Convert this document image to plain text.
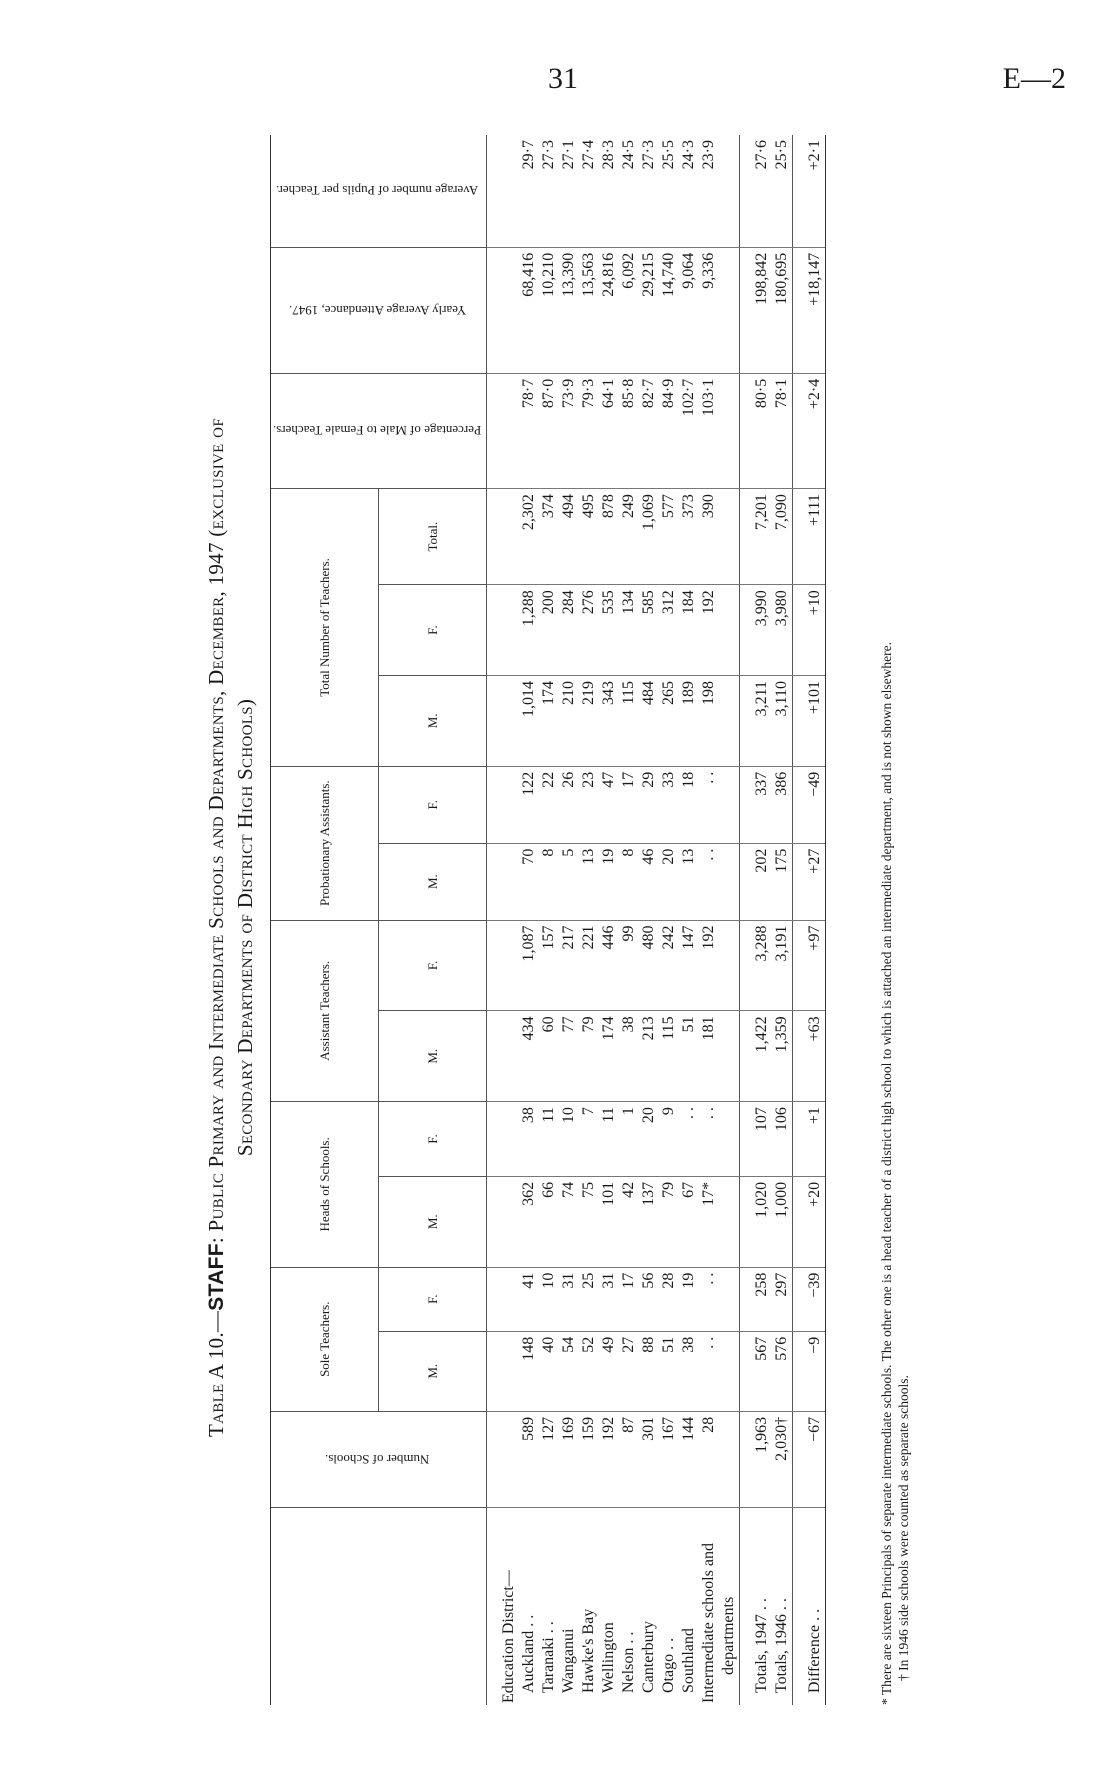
31	E—2
Table A 10.—STAFF: Public Primary and Intermediate Schools and Departments, December, 1947 (exclusive of Secondary Departments of District High Schools)
	Number of Schools.	Sole Teachers.		Heads of Schools.		Assistant Teachers.		Probationary Assistants.		Total Number of Teachers.			Percentage of Male to Female Teachers.	Yearly Average Attendance, 1947.	Average number of Pupils per Teacher.
		M.	F.	M.	F.	M.	F.	M.	F.	M.	F.	Total.			

Education District—															
Auckland . .	589	148	41	362	38	434	1,087	70	122	1,014	1,288	2,302	78·7	68,416	29·7
Taranaki . .	127	40	10	66	11	60	157	8	22	174	200	374	87·0	10,210	27·3
Wanganui	169	54	31	74	10	77	217	5	26	210	284	494	73·9	13,390	27·1
Hawke's Bay	159	52	25	75	7	79	221	13	23	219	276	495	79·3	13,563	27·4
Wellington	192	49	31	101	11	174	446	19	47	343	535	878	64·1	24,816	28·3
Nelson . .	87	27	17	42	1	38	99	8	17	115	134	249	85·8	6,092	24·5
Canterbury	301	88	56	137	20	213	480	46	29	484	585	1,069	82·7	29,215	27·3
Otago . .	167	51	28	79	9	115	242	20	33	265	312	577	84·9	14,740	25·5
Southland	144	38	19	67	. .	51	147	13	18	189	184	373	102·7	9,064	24·3
Intermediate schools and	28	. .	. .	17*	. .	181	192	. .	. .	198	192	390	103·1	9,336	23·9
departments															

Totals, 1947 . .	1,963	567	258	1,020	107	1,422	3,288	202	337	3,211	3,990	7,201	80·5	198,842	27·6
Totals, 1946 . .	2,030†	576	297	1,000	106	1,359	3,191	175	386	3,110	3,980	7,090	78·1	180,695	25·5

Difference . .	−67	−9	−39	+20	+1	+63	+97	+27	−49	+101	+10	+111	+2·4	+18,147	+2·1
* There are sixteen Principals of separate intermediate schools. The other one is a head teacher of a district high school to which is attached an intermediate department, and is not shown elsewhere. † In 1946 side schools were counted as separate schools.
